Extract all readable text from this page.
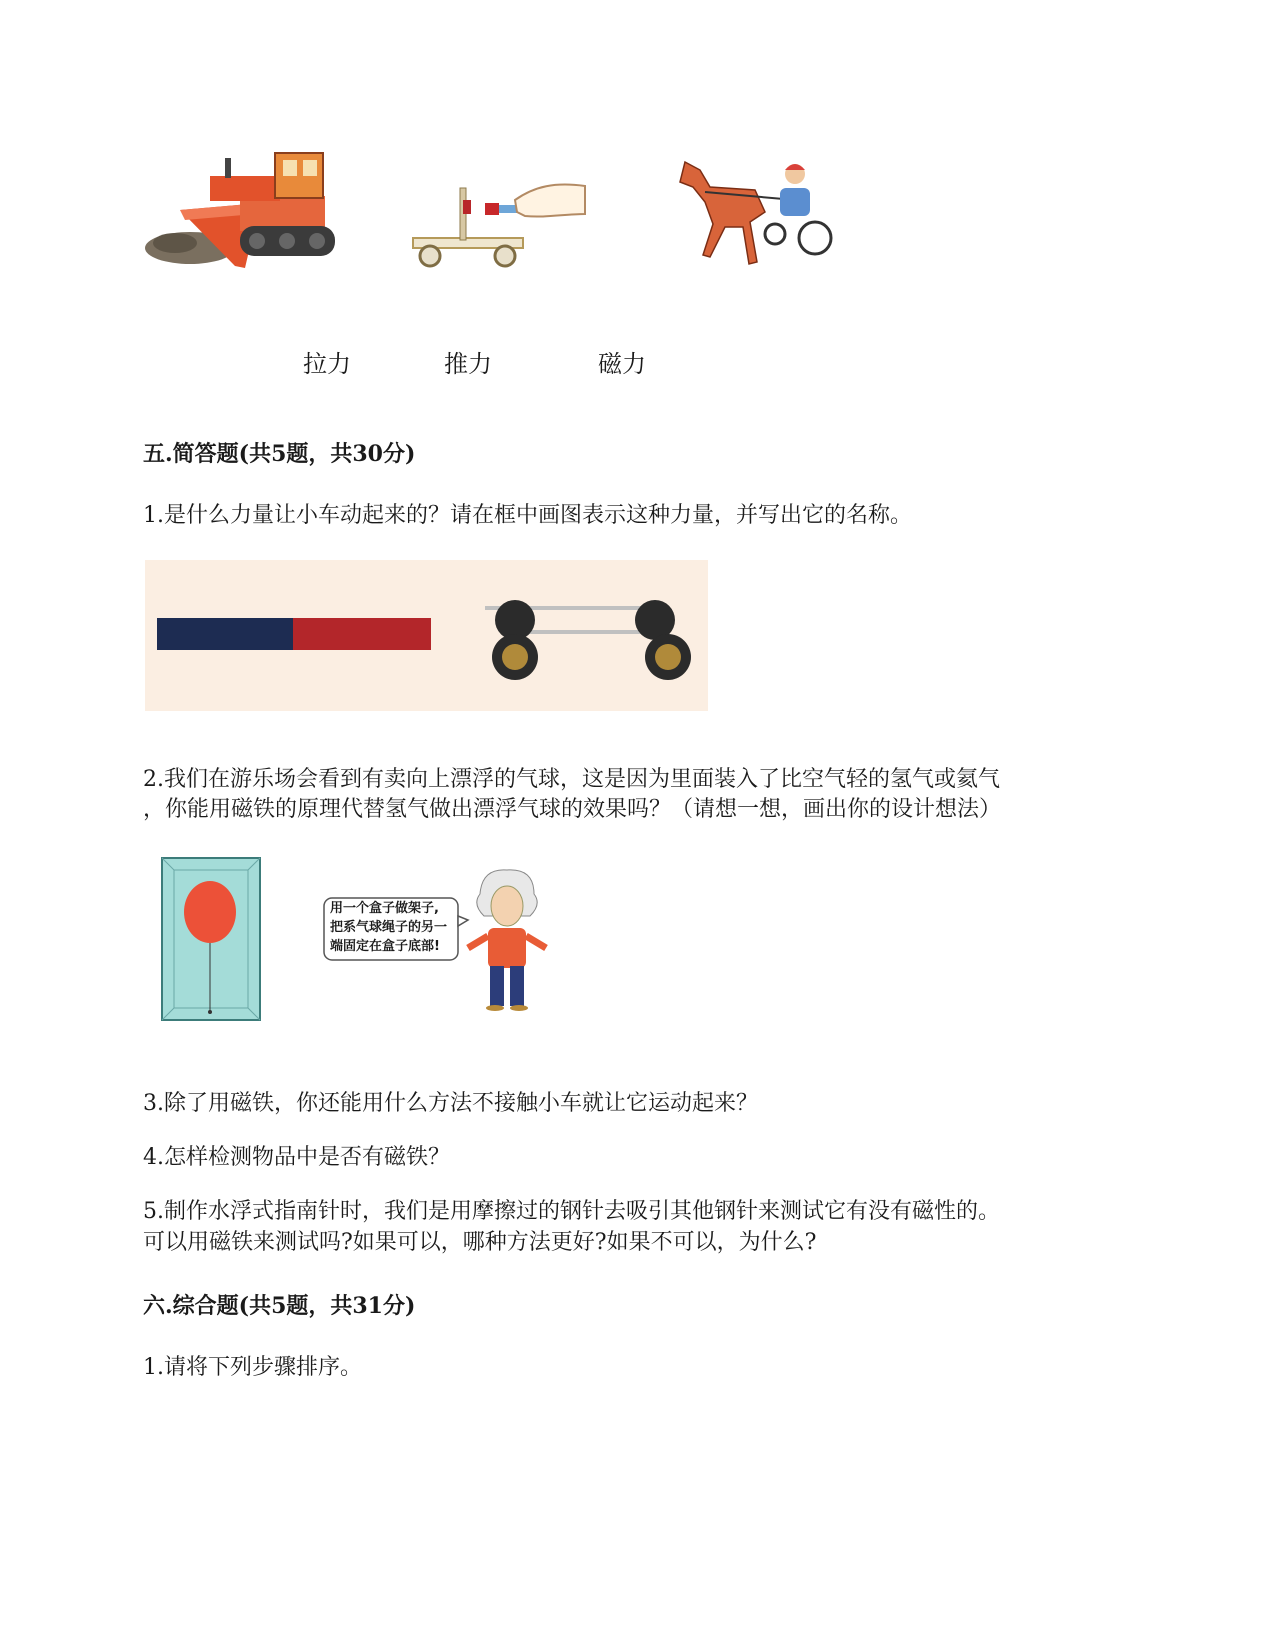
拉力	推力	磁力
五.简答题(共5题，共30分)
1.是什么力量让小车动起来的？请在框中画图表示这种力量，并写出它的名称。
2.我们在游乐场会看到有卖向上漂浮的气球，这是因为里面装入了比空气轻的氢气或氦气
，你能用磁铁的原理代替氢气做出漂浮气球的效果吗？（请想一想，画出你的设计想法）
用一个盒子做架子,
把系气球绳子的另一
端固定在盒子底部!
3.除了用磁铁，你还能用什么方法不接触小车就让它运动起来？
4.怎样检测物品中是否有磁铁？
5.制作水浮式指南针时，我们是用摩擦过的钢针去吸引其他钢针来测试它有没有磁性的。
可以用磁铁来测试吗?如果可以，哪种方法更好?如果不可以，为什么?
六.综合题(共5题，共31分)
1.请将下列步骤排序。
